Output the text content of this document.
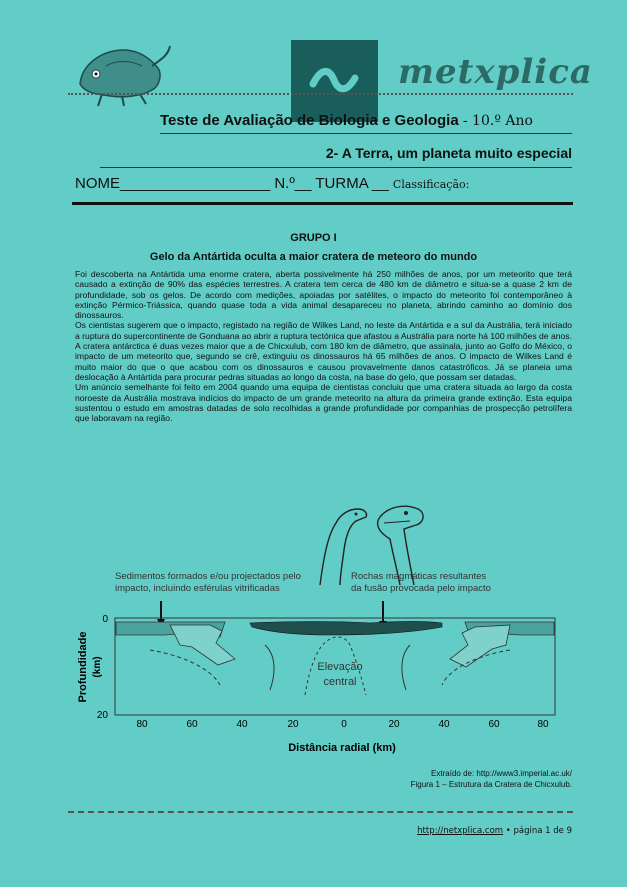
metxplica
Teste de Avaliação de Biologia e Geologia - 10.º Ano
2- A Terra, um planeta muito especial
NOME__________________ N.º__ TURMA __ Classificação:
GRUPO I
Gelo da Antártida oculta a maior cratera de meteoro do mundo

Foi descoberta na Antártida uma enorme cratera, aberta possivelmente há 250 milhões de anos, por um meteorito que terá causado a extinção de 90% das espécies terrestres. A cratera tem cerca de 480 km de diâmetro e situa-se a quase 2 km de profundidade, sob os gelos. De acordo com medições, apoiadas por satélites, o impacto do meteorito foi contemporâneo à extinção Pérmico-Triássica, quando quase toda a vida animal desapareceu no planeta, abrindo caminho ao domínio dos dinossauros.

Os cientistas sugerem que o impacto, registado na região de Wilkes Land, no leste da Antártida e a sul da Austrália, terá iniciado a ruptura do supercontinente de Gonduana ao abrir a ruptura tectónica que afastou a Austrália para norte há 100 milhões de anos. A cratera antárctica é duas vezes maior que a de Chicxulub, com 180 km de diâmetro, que assinala, junto ao Golfo do México, o impacto de um meteorito que, segundo se crê, extinguiu os dinossauros há 65 milhões de anos. O impacto de Wilkes Land é muito maior do que o que acabou com os dinossauros e causou provavelmente danos catastróficos. Já se planeia uma deslocação à Antártida para procurar pedras situadas ao longo da costa, na base do gelo, que possam ser datadas.

Um anúncio semelhante foi feito em 2004 quando uma equipa de cientistas concluiu que uma cratera situada ao largo da costa noroeste da Austrália mostrava indícios do impacto de um grande meteorito na altura da primeira grande extinção. Esta equipa sustentou o estudo em amostras datadas de solo recolhidas a grande profundidade por companhias de prospecção petrolífera que laboravam na região.

Sedimentos formados e/ou projectados pelo
impacto, incluindo esférulas vitrificadas
Rochas magmáticas resultantes
da fusão provocada pelo impacto
Elevação
central
0
20
Profundidade (km)
80	60	40	20	0	20	40	60	80
Distância radial (km)
Extraído de: http://www3.imperial.ac.uk/
Figura 1 – Estrutura da Cratera de Chicxulub.
http://netxplica.com • página 1 de 9
